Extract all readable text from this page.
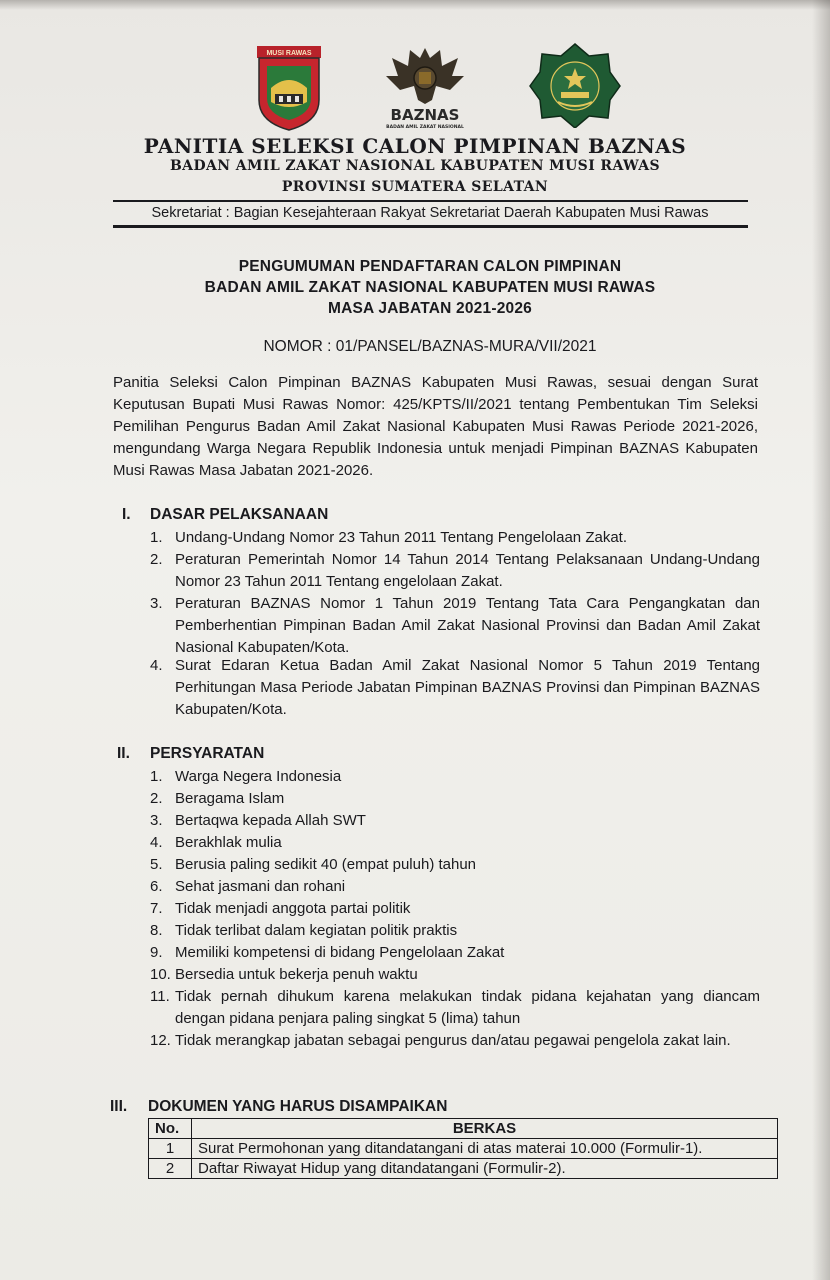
MUSI RAWAS
BAZNAS
BADAN AMIL ZAKAT NASIONAL
PANITIA SELEKSI CALON PIMPINAN BAZNAS
BADAN AMIL ZAKAT NASIONAL KABUPATEN MUSI RAWAS
PROVINSI SUMATERA SELATAN
Sekretariat : Bagian Kesejahteraan Rakyat Sekretariat Daerah Kabupaten Musi Rawas
PENGUMUMAN PENDAFTARAN CALON PIMPINAN
BADAN AMIL ZAKAT NASIONAL KABUPATEN MUSI RAWAS
MASA JABATAN 2021-2026
NOMOR : 01/PANSEL/BAZNAS-MURA/VII/2021
Panitia Seleksi Calon Pimpinan BAZNAS Kabupaten Musi Rawas, sesuai dengan Surat Keputusan Bupati Musi Rawas Nomor: 425/KPTS/II/2021 tentang Pembentukan Tim Seleksi Pemilihan Pengurus Badan Amil Zakat Nasional Kabupaten Musi Rawas Periode 2021-2026, mengundang Warga Negara Republik Indonesia untuk menjadi Pimpinan BAZNAS Kabupaten Musi Rawas Masa Jabatan 2021-2026.
I. DASAR PELAKSANAAN
1. Undang-Undang Nomor 23 Tahun 2011 Tentang Pengelolaan Zakat.
2. Peraturan Pemerintah Nomor 14 Tahun 2014 Tentang Pelaksanaan Undang-Undang Nomor 23 Tahun 2011 Tentang engelolaan Zakat.
3. Peraturan BAZNAS Nomor 1 Tahun 2019 Tentang Tata Cara Pengangkatan dan Pemberhentian Pimpinan Badan Amil Zakat Nasional Provinsi dan Badan Amil Zakat Nasional Kabupaten/Kota.
4. Surat Edaran Ketua Badan Amil Zakat Nasional Nomor 5 Tahun 2019 Tentang Perhitungan Masa Periode Jabatan Pimpinan BAZNAS Provinsi dan Pimpinan BAZNAS Kabupaten/Kota.
II. PERSYARATAN
1. Warga Negera Indonesia
2. Beragama Islam
3. Bertaqwa kepada Allah SWT
4. Berakhlak mulia
5. Berusia paling sedikit 40 (empat puluh) tahun
6. Sehat jasmani dan rohani
7. Tidak menjadi anggota partai politik
8. Tidak terlibat dalam kegiatan politik praktis
9. Memiliki kompetensi di bidang Pengelolaan Zakat
10. Bersedia untuk bekerja penuh waktu
11. Tidak pernah dihukum karena melakukan tindak pidana kejahatan yang diancam dengan pidana penjara paling singkat 5 (lima) tahun
12. Tidak merangkap jabatan sebagai pengurus dan/atau pegawai pengelola zakat lain.
III. DOKUMEN YANG HARUS DISAMPAIKAN
No.	BERKAS
1	Surat Permohonan yang ditandatangani di atas materai 10.000 (Formulir-1).
2	Daftar Riwayat Hidup yang ditandatangani (Formulir-2).
